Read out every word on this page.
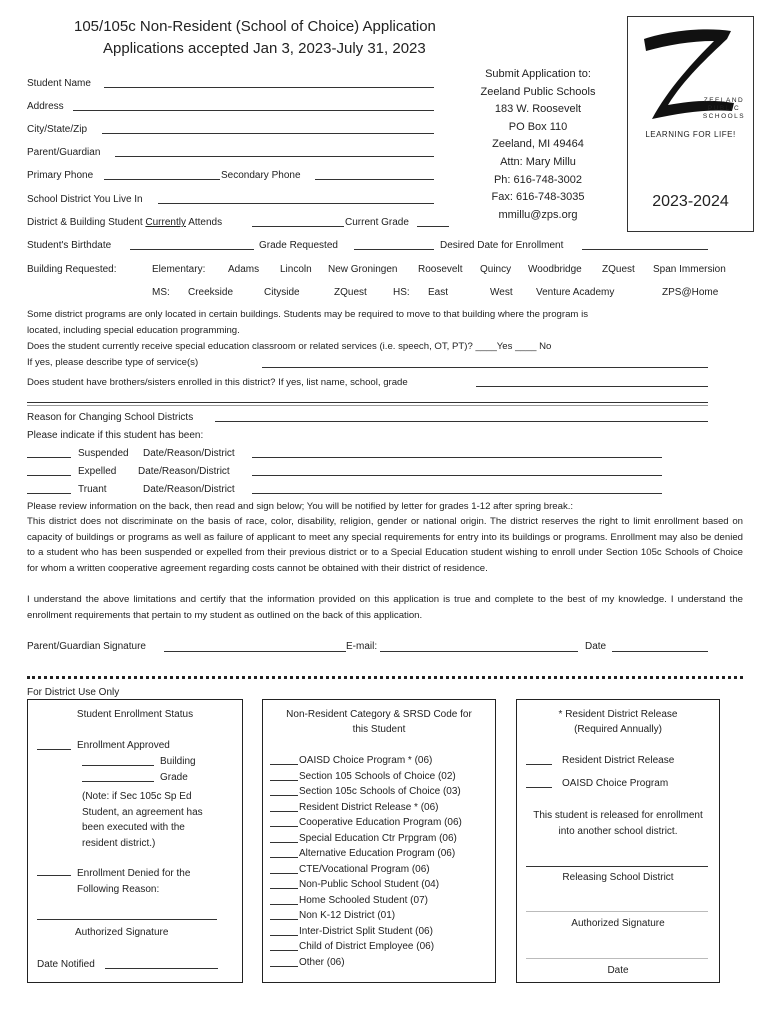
105/105c Non-Resident (School of Choice) Application
Applications accepted Jan 3, 2023-July 31, 2023
Submit Application to:
Zeeland Public Schools
183 W. Roosevelt
PO Box 110
Zeeland, MI 49464
Attn: Mary Millu
Ph: 616-748-3002
Fax: 616-748-3035
mmillu@zps.org
ZEELAND
PUBLIC
SCHOOLS
LEARNING FOR LIFE!
2023-2024
Student Name
Address
City/State/Zip
Parent/Guardian
Primary Phone	Secondary Phone
School District You Live In
District & Building Student Currently Attends	Current Grade
Student's Birthdate	Grade Requested	Desired Date for Enrollment
Building Requested:	Elementary: Adams Lincoln New Groningen Roosevelt Quincy Woodbridge ZQuest Span Immersion
MS: Creekside	Cityside	ZQuest	HS: East	West Venture Academy	ZPS@Home
Some district programs are only located in certain buildings. Students may be required to move to that building where the program is
located, including special education programming.
Does the student currently receive special education classroom or related services (i.e. speech, OT, PT)? ____Yes ____ No
If yes, please describe type of service(s)
Does student have brothers/sisters enrolled in this district? If yes, list name, school, grade
Reason for Changing School Districts
Please indicate if this student has been:
Suspended Date/Reason/District
Expelled Date/Reason/District
Truant	Date/Reason/District
Please review information on the back, then read and sign below; You will be notified by letter for grades 1-12 after spring break.:
This district does not discriminate on the basis of race, color, disability, religion, gender or national origin. The district reserves the right to limit enrollment based on capacity of buildings or programs as well as failure of applicant to meet any special requirements for entry into its buildings or programs. Enrollment may also be denied to a student who has been suspended or expelled from their previous district or to a Special Education student wishing to enroll under Section 105c Schools of Choice for whom a written cooperative agreement regarding costs cannot be obtained with their district of residence.
I understand the above limitations and certify that the information provided on this application is true and complete to the best of my knowledge. I understand the enrollment requirements that pertain to my student as outlined on the back of this application.
Parent/Guardian Signature	E-mail:	Date
For District Use Only
Student Enrollment Status
Enrollment Approved
Building
Grade
(Note: if Sec 105c Sp Ed
Student, an agreement has
been executed with the
resident district.)
Enrollment Denied for the
Following Reason:
Authorized Signature
Date Notified
Non-Resident Category & SRSD Code for
this Student
OAISD Choice Program * (06)
Section 105 Schools of Choice (02)
Section 105c Schools of Choice (03)
Resident District Release * (06)
Cooperative Education Program (06)
Special Education Ctr Prpgram (06)
Alternative Education Program (06)
CTE/Vocational Program (06)
Non-Public School Student (04)
Home Schooled Student (07)
Non K-12 District (01)
Inter-District Split Student (06)
Child of District Employee (06)
Other (06)
* Resident District Release
(Required Annually)
Resident District Release
OAISD Choice Program
This student is released for enrollment
into another school district.
Releasing School District
Authorized Signature
Date
